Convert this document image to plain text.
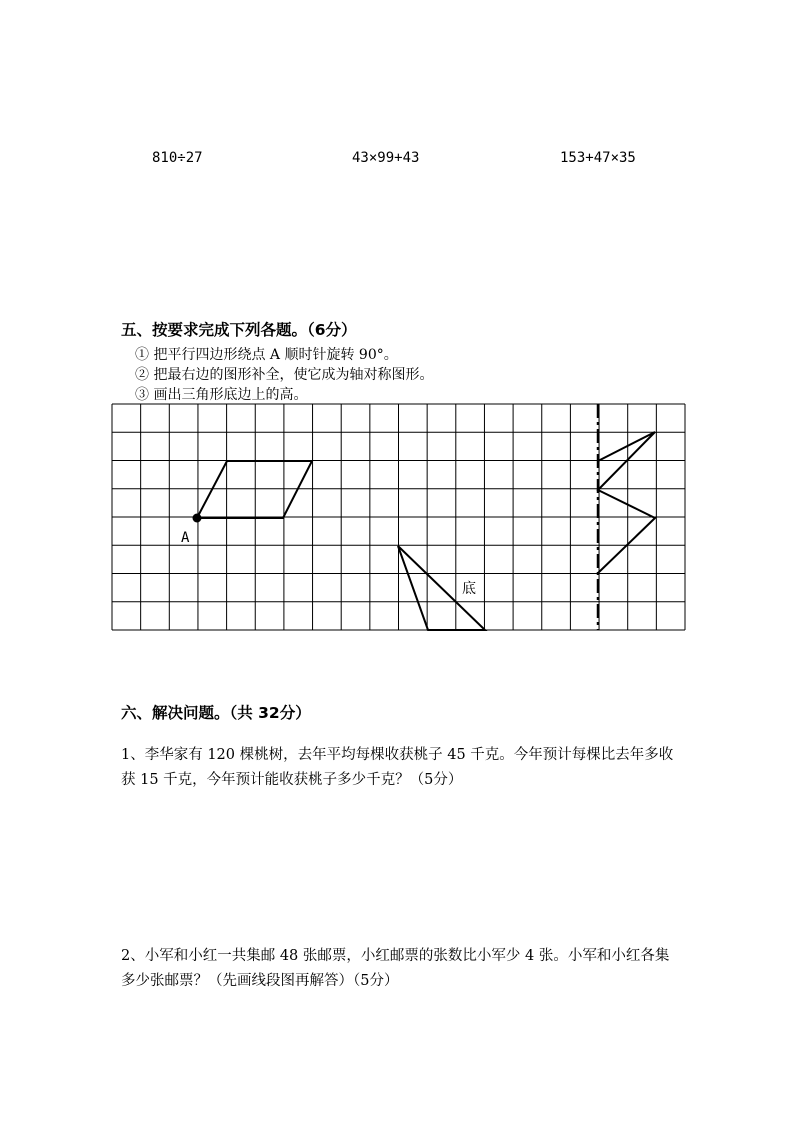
810÷27	43×99+43	153+47×35
五、按要求完成下列各题。（6分）
① 把平行四边形绕点 A 顺时针旋转 90°。
② 把最右边的图形补全，使它成为轴对称图形。
③ 画出三角形底边上的高。
A
底
六、解决问题。（共 32分）
1、李华家有 120 棵桃树，去年平均每棵收获桃子 45 千克。今年预计每棵比去年多收获 15 千克，今年预计能收获桃子多少千克？（5分）
2、小军和小红一共集邮 48 张邮票，小红邮票的张数比小军少 4 张。小军和小红各集多少张邮票？（先画线段图再解答）（5分）
